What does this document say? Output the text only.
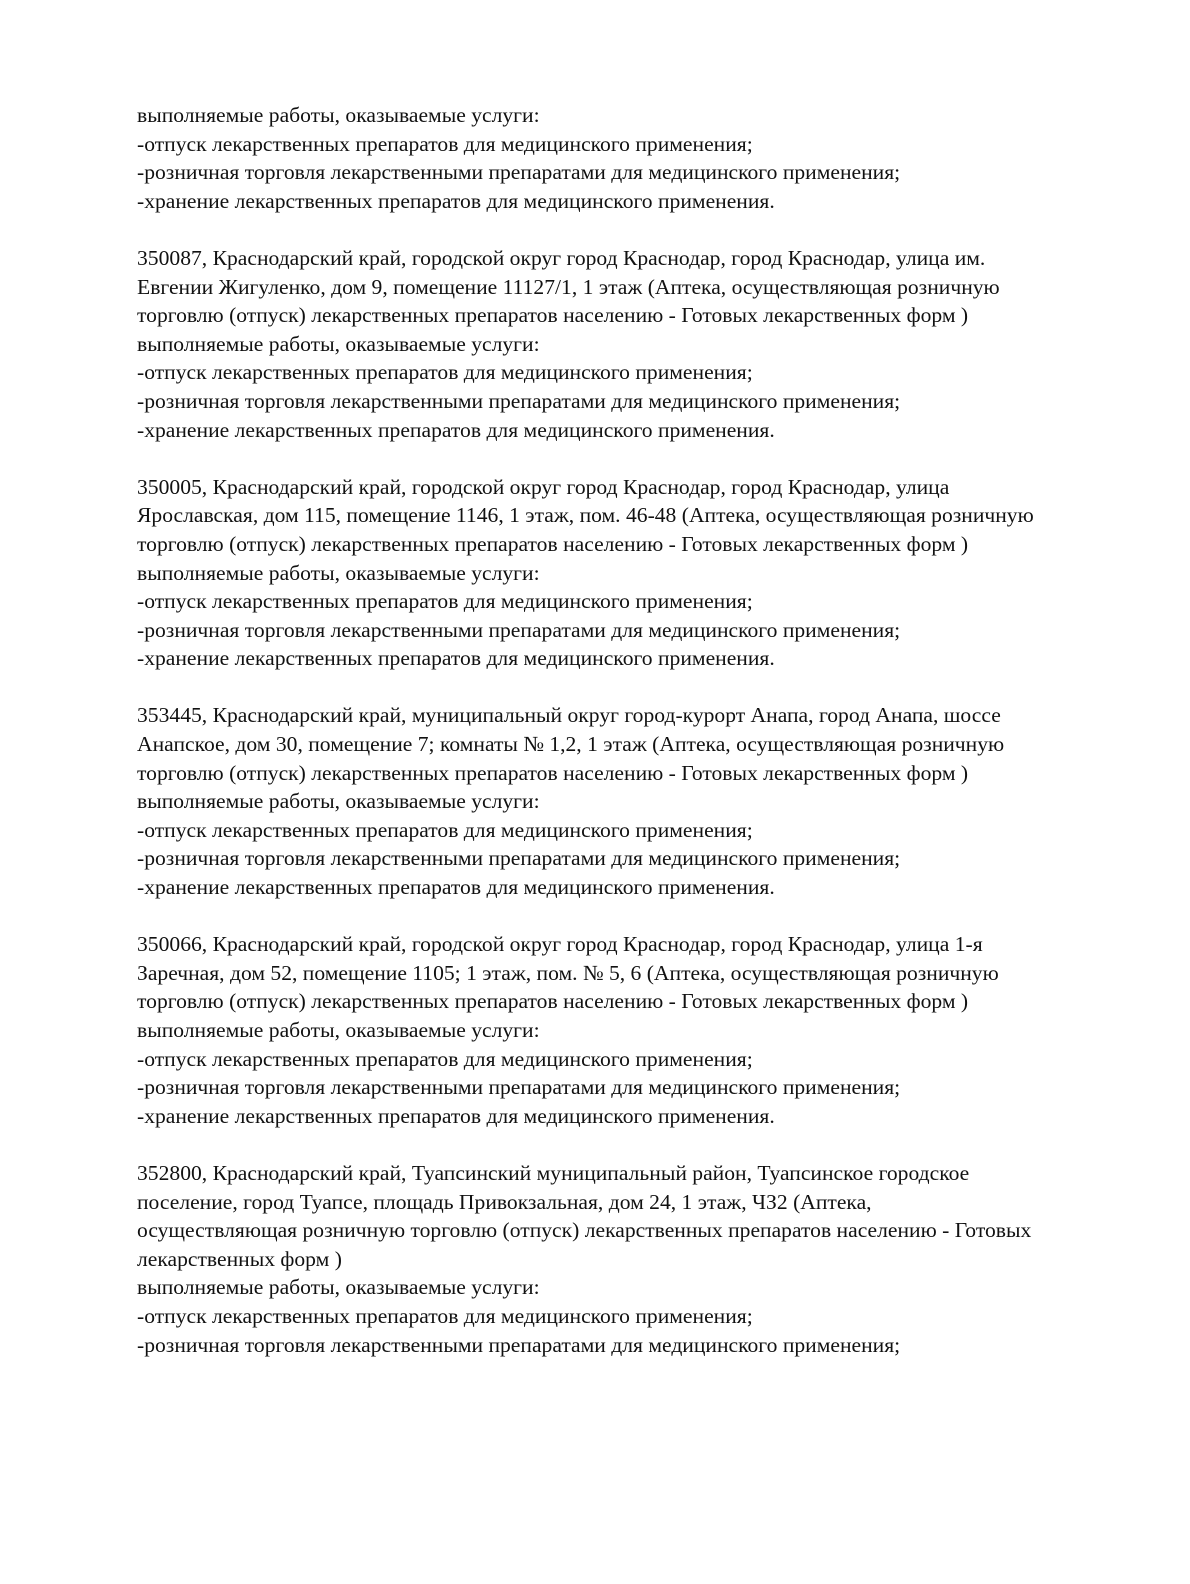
выполняемые работы, оказываемые услуги:
-отпуск лекарственных препаратов для медицинского применения;
-розничная торговля лекарственными препаратами для медицинского применения;
-хранение лекарственных препаратов для медицинского применения.
350087, Краснодарский край, городской округ город Краснодар, город Краснодар, улица им.
Евгении Жигуленко, дом 9, помещение 11127/1, 1 этаж (Аптека, осуществляющая розничную
торговлю (отпуск) лекарственных препаратов населению - Готовых лекарственных форм )
выполняемые работы, оказываемые услуги:
-отпуск лекарственных препаратов для медицинского применения;
-розничная торговля лекарственными препаратами для медицинского применения;
-хранение лекарственных препаратов для медицинского применения.
350005, Краснодарский край, городской округ город Краснодар, город Краснодар, улица
Ярославская, дом 115, помещение 1146, 1 этаж, пом. 46-48 (Аптека, осуществляющая розничную
торговлю (отпуск) лекарственных препаратов населению - Готовых лекарственных форм )
выполняемые работы, оказываемые услуги:
-отпуск лекарственных препаратов для медицинского применения;
-розничная торговля лекарственными препаратами для медицинского применения;
-хранение лекарственных препаратов для медицинского применения.
353445, Краснодарский край, муниципальный округ город-курорт Анапа, город Анапа, шоссе
Анапское, дом 30, помещение 7; комнаты № 1,2, 1 этаж (Аптека, осуществляющая розничную
торговлю (отпуск) лекарственных препаратов населению - Готовых лекарственных форм )
выполняемые работы, оказываемые услуги:
-отпуск лекарственных препаратов для медицинского применения;
-розничная торговля лекарственными препаратами для медицинского применения;
-хранение лекарственных препаратов для медицинского применения.
350066, Краснодарский край, городской округ город Краснодар, город Краснодар, улица 1-я
Заречная, дом 52, помещение 1105; 1 этаж, пом. № 5, 6 (Аптека, осуществляющая розничную
торговлю (отпуск) лекарственных препаратов населению - Готовых лекарственных форм )
выполняемые работы, оказываемые услуги:
-отпуск лекарственных препаратов для медицинского применения;
-розничная торговля лекарственными препаратами для медицинского применения;
-хранение лекарственных препаратов для медицинского применения.
352800, Краснодарский край, Туапсинский муниципальный район, Туапсинское городское
поселение, город Туапсе, площадь Привокзальная, дом 24, 1 этаж, ЧЗ2 (Аптека,
осуществляющая розничную торговлю (отпуск) лекарственных препаратов населению - Готовых
лекарственных форм )
выполняемые работы, оказываемые услуги:
-отпуск лекарственных препаратов для медицинского применения;
-розничная торговля лекарственными препаратами для медицинского применения;
